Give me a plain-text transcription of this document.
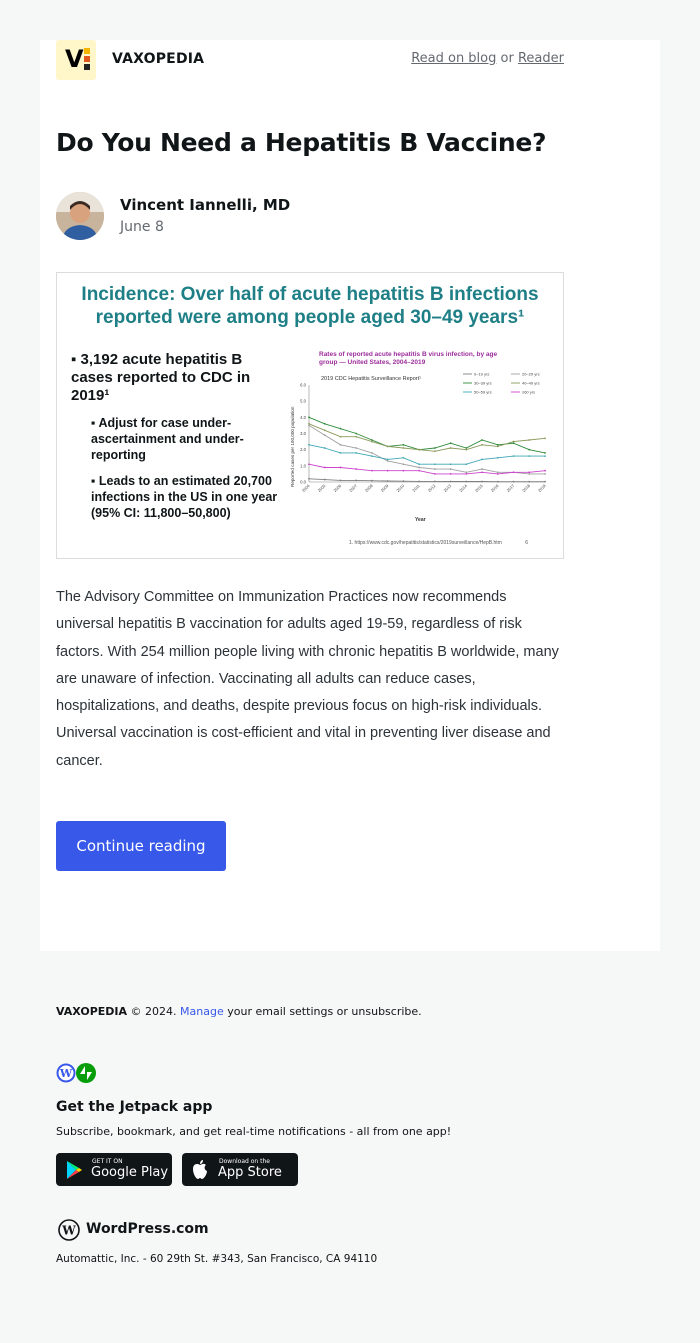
V VAXOPEDIA	Read on blog or Reader
Do You Need a Hepatitis B Vaccine?
Vincent Iannelli, MD
June 8
Incidence: Over half of acute hepatitis B infections
reported were among people aged 30–49 years¹
▪ 3,192 acute hepatitis B cases reported to CDC in 2019¹
▪ Adjust for case under-ascertainment and under-reporting
▪ Leads to an estimated 20,700 infections in the US in one year (95% CI: 11,800–50,800)
Rates of reported acute hepatitis B virus infection, by age
group — United States, 2004–2019
2019 CDC Hepatitis Surveillance Report¹
Year
Reported cases per 100,000 population 0.0
1.0
2.0
3.0
4.0
5.0
6.0
2004 2005 2006 2007 2008 2009 2010 2011 2012 2013 2014 2015 2016 2017 2018 2019
0–19 yrs	20–29 yrs
30–39 yrs	40–49 yrs
50–59 yrs	≥60 yrs
1. https://www.cdc.gov/hepatitis/statistics/2019surveillance/HepB.htm	6

The Advisory Committee on Immunization Practices now recommends universal hepatitis B vaccination for adults aged 19-59, regardless of risk factors. With 254 million people living with chronic hepatitis B worldwide, many are unaware of infection. Vaccinating all adults can reduce cases, hospitalizations, and deaths, despite previous focus on high-risk individuals. Universal vaccination is cost-efficient and vital in preventing liver disease and cancer.

Continue reading
VAXOPEDIA © 2024. Manage your email settings or unsubscribe.
W
Get the Jetpack app
Subscribe, bookmark, and get real-time notifications - all from one app!
GET IT ON
Google Play
Download on the
App Store
W WordPress.com
Automattic, Inc. - 60 29th St. #343, San Francisco, CA 94110
